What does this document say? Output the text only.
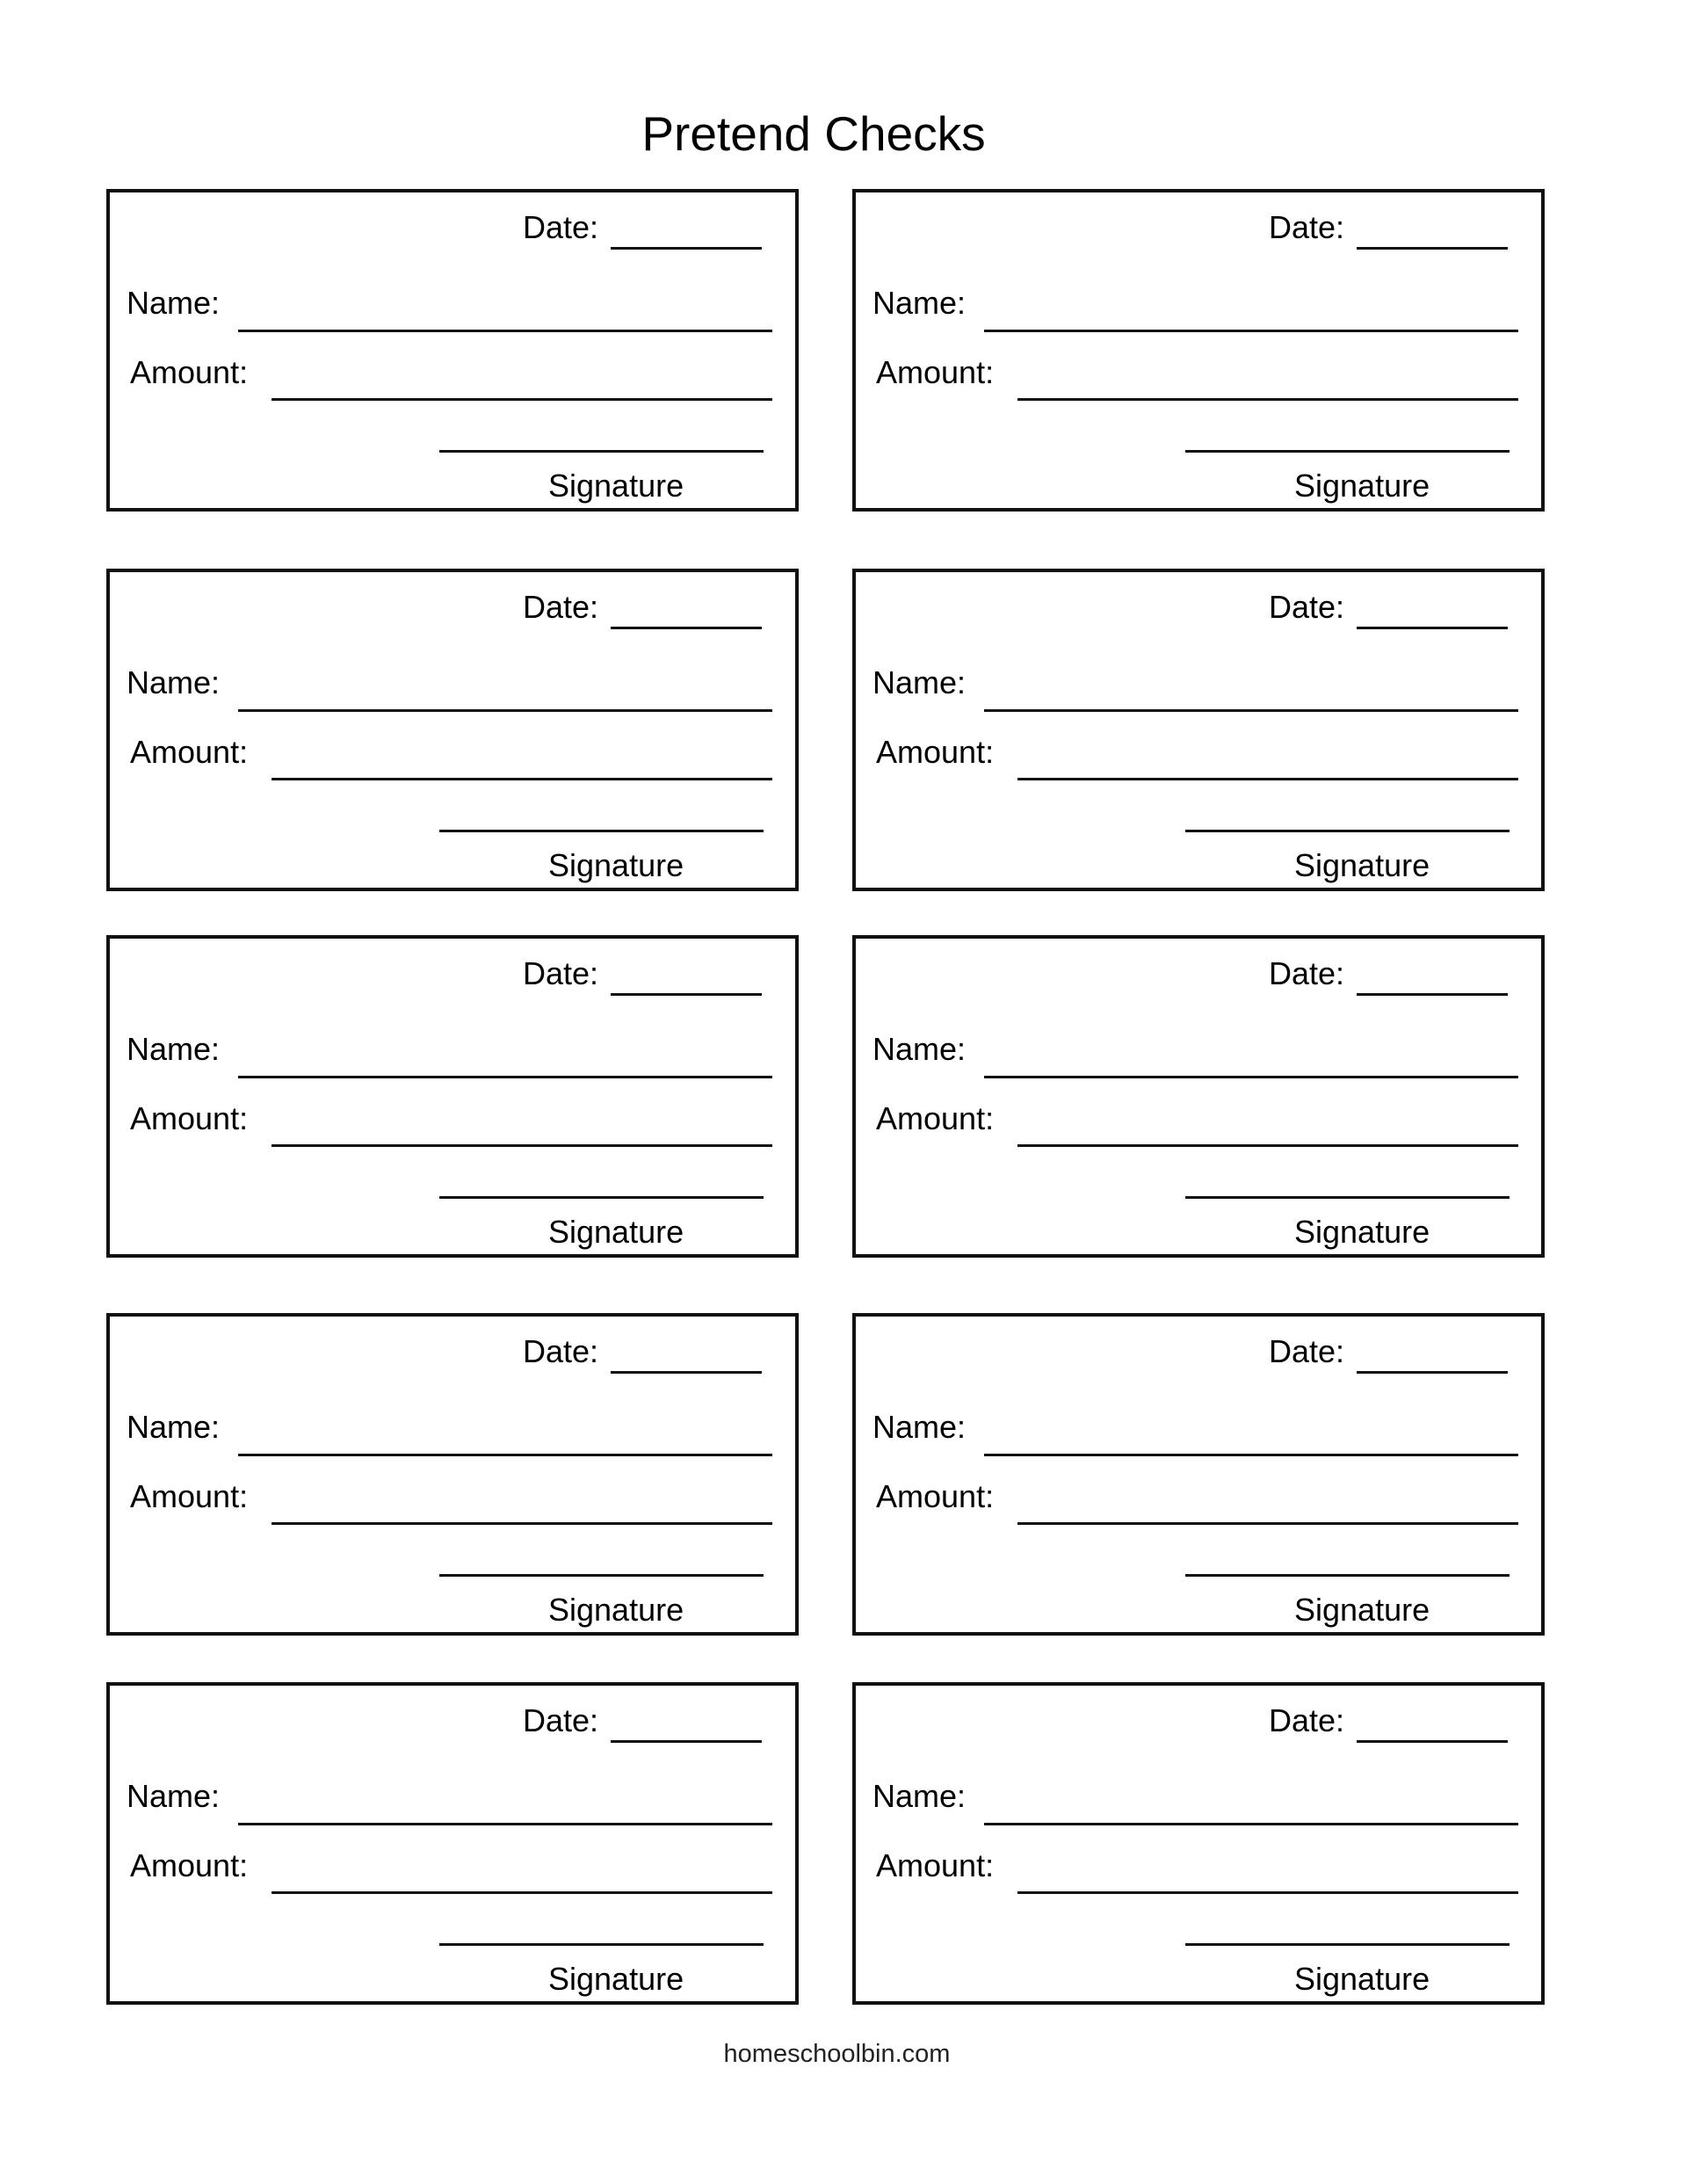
Pretend Checks
Date:
Name:
Amount:
Signature
Date:
Name:
Amount:
Signature
Date:
Name:
Amount:
Signature
Date:
Name:
Amount:
Signature
Date:
Name:
Amount:
Signature
Date:
Name:
Amount:
Signature
Date:
Name:
Amount:
Signature
Date:
Name:
Amount:
Signature
Date:
Name:
Amount:
Signature
Date:
Name:
Amount:
Signature
homeschoolbin.com
